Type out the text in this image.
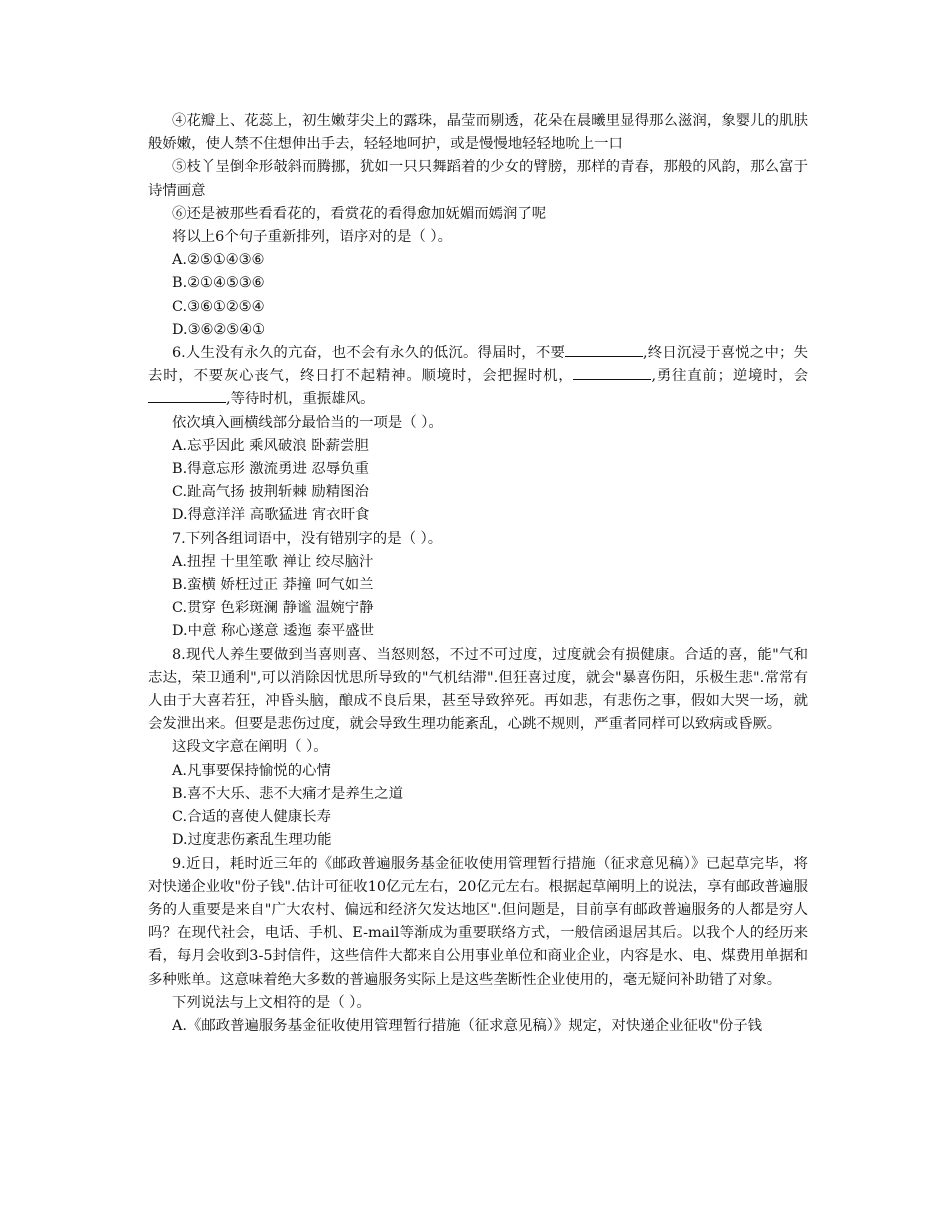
④花瓣上、花蕊上，初生嫩芽尖上的露珠，晶莹而剔透，花朵在晨曦里显得那么滋润，象婴儿的肌肤般娇嫩，使人禁不住想伸出手去，轻轻地呵护，或是慢慢地轻轻地吮上一口

⑤枝丫呈倒伞形攲斜而腾挪，犹如一只只舞蹈着的少女的臂膀，那样的青春，那般的风韵，那么富于诗情画意

⑥还是被那些看看花的，看赏花的看得愈加妩媚而嫣润了呢

将以上6个句子重新排列，语序对的是（ ）。

A.②⑤①④③⑥

B.②①④⑤③⑥

C.③⑥①②⑤④

D.③⑥②⑤④①

6.人生没有永久的亢奋，也不会有永久的低沉。得届时，不要	,终日沉浸于喜悦之中；失去时，不要灰心丧气，终日打不起精神。顺境时，会把握时机，	,勇往直前；逆境时，会,等待时机，重振雄风。

依次填入画横线部分最恰当的一项是（ ）。

A.忘乎因此 乘风破浪 卧薪尝胆

B.得意忘形 激流勇进 忍辱负重

C.趾高气扬 披荆斩棘 励精图治

D.得意洋洋 高歌猛进 宵衣旰食

7.下列各组词语中，没有错别字的是（ ）。

A.扭捏 十里笙歌 禅让 绞尽脑汁

B.蛮横 娇枉过正 莽撞 呵气如兰

C.贯穿 色彩斑澜 静谧 温婉宁静

D.中意 称心遂意 逶迤 泰平盛世

8.现代人养生要做到当喜则喜、当怒则怒，不过不可过度，过度就会有损健康。合适的喜，能"气和志达，荣卫通利",可以消除因忧思所导致的"气机结滞".但狂喜过度，就会"暴喜伤阳，乐极生悲".常常有人由于大喜若狂，冲昏头脑，酿成不良后果，甚至导致猝死。再如悲，有悲伤之事，假如大哭一场，就会发泄出来。但要是悲伤过度，就会导致生理功能紊乱，心跳不规则，严重者同样可以致病或昏厥。

这段文字意在阐明（ ）。

A.凡事要保持愉悦的心情

B.喜不大乐、悲不大痛才是养生之道

C.合适的喜使人健康长寿

D.过度悲伤紊乱生理功能

9.近日，耗时近三年的《邮政普遍服务基金征收使用管理暂行措施（征求意见稿）》已起草完毕，将对快递企业收"份子钱".估计可征收10亿元左右，20亿元左右。根据起草阐明上的说法，享有邮政普遍服务的人重要是来自"广大农村、偏远和经济欠发达地区".但问题是，目前享有邮政普遍服务的人都是穷人吗？在现代社会，电话、手机、E-mail等渐成为重要联络方式，一般信函退居其后。以我个人的经历来看，每月会收到3-5封信件，这些信件大都来自公用事业单位和商业企业，内容是水、电、煤费用单据和多种账单。这意味着绝大多数的普遍服务实际上是这些垄断性企业使用的，毫无疑问补助错了对象。

下列说法与上文相符的是（ ）。

A.《邮政普遍服务基金征收使用管理暂行措施（征求意见稿）》规定，对快递企业征收"份子钱
